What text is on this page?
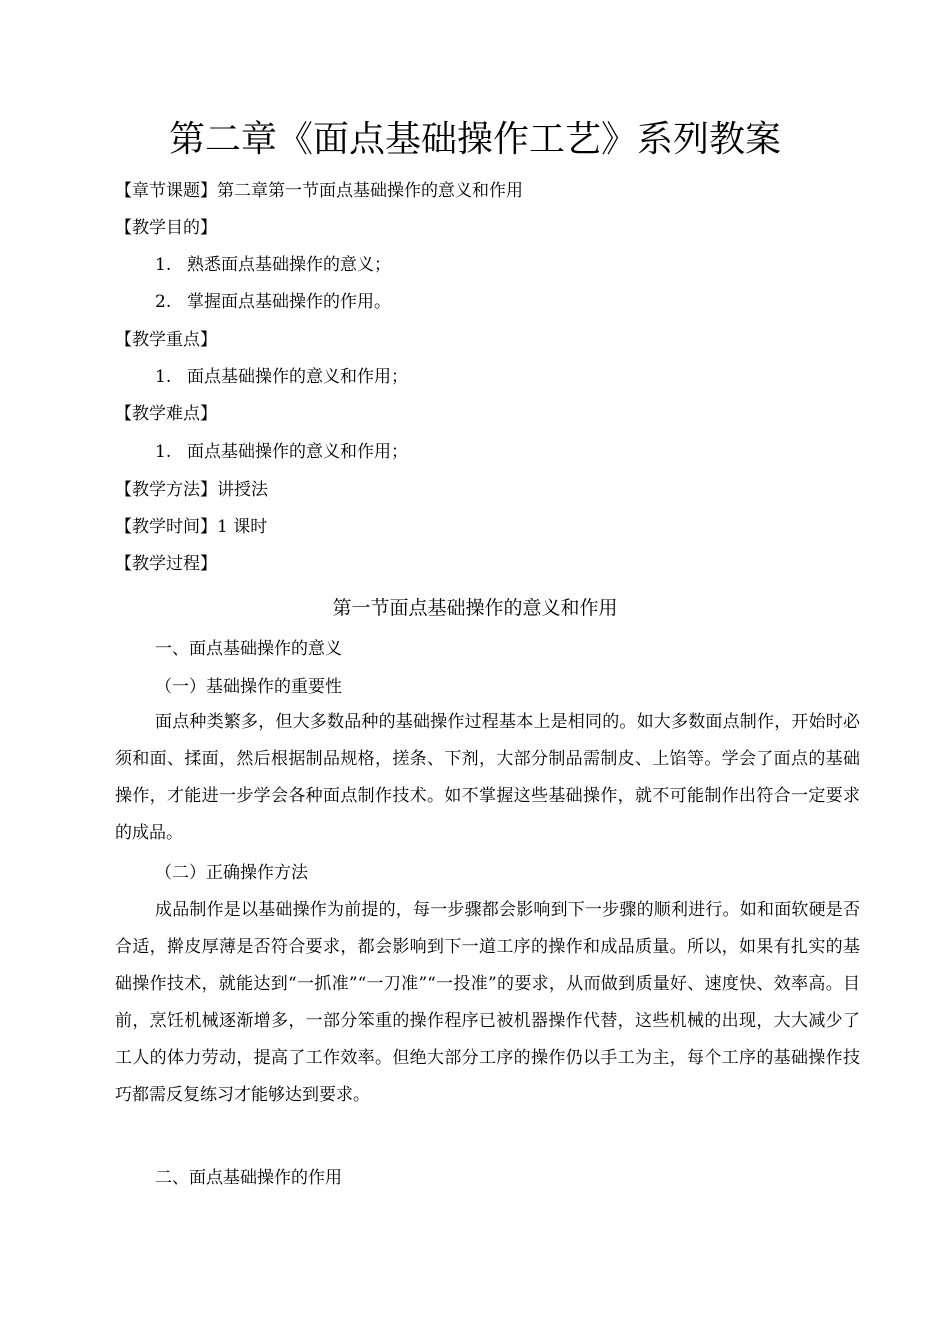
第二章《面点基础操作工艺》系列教案
【章节课题】第二章第一节面点基础操作的意义和作用
【教学目的】
1. 熟悉面点基础操作的意义；
2. 掌握面点基础操作的作用。
【教学重点】
1. 面点基础操作的意义和作用；
【教学难点】
1. 面点基础操作的意义和作用；
【教学方法】讲授法
【教学时间】1 课时
【教学过程】
第一节面点基础操作的意义和作用
一、面点基础操作的意义
（一）基础操作的重要性
面点种类繁多，但大多数品种的基础操作过程基本上是相同的。如大多数面点制作，开始时必须和面、揉面，然后根据制品规格，搓条、下剂，大部分制品需制皮、上馅等。学会了面点的基础操作，才能进一步学会各种面点制作技术。如不掌握这些基础操作，就不可能制作出符合一定要求的成品。
（二）正确操作方法
成品制作是以基础操作为前提的，每一步骤都会影响到下一步骤的顺利进行。如和面软硬是否合适，擀皮厚薄是否符合要求，都会影响到下一道工序的操作和成品质量。所以，如果有扎实的基础操作技术，就能达到“一抓准”“一刀准”“一投准”的要求，从而做到质量好、速度快、效率高。目前，烹饪机械逐渐增多，一部分笨重的操作程序已被机器操作代替，这些机械的出现，大大减少了工人的体力劳动，提高了工作效率。但绝大部分工序的操作仍以手工为主，每个工序的基础操作技巧都需反复练习才能够达到要求。
二、面点基础操作的作用
